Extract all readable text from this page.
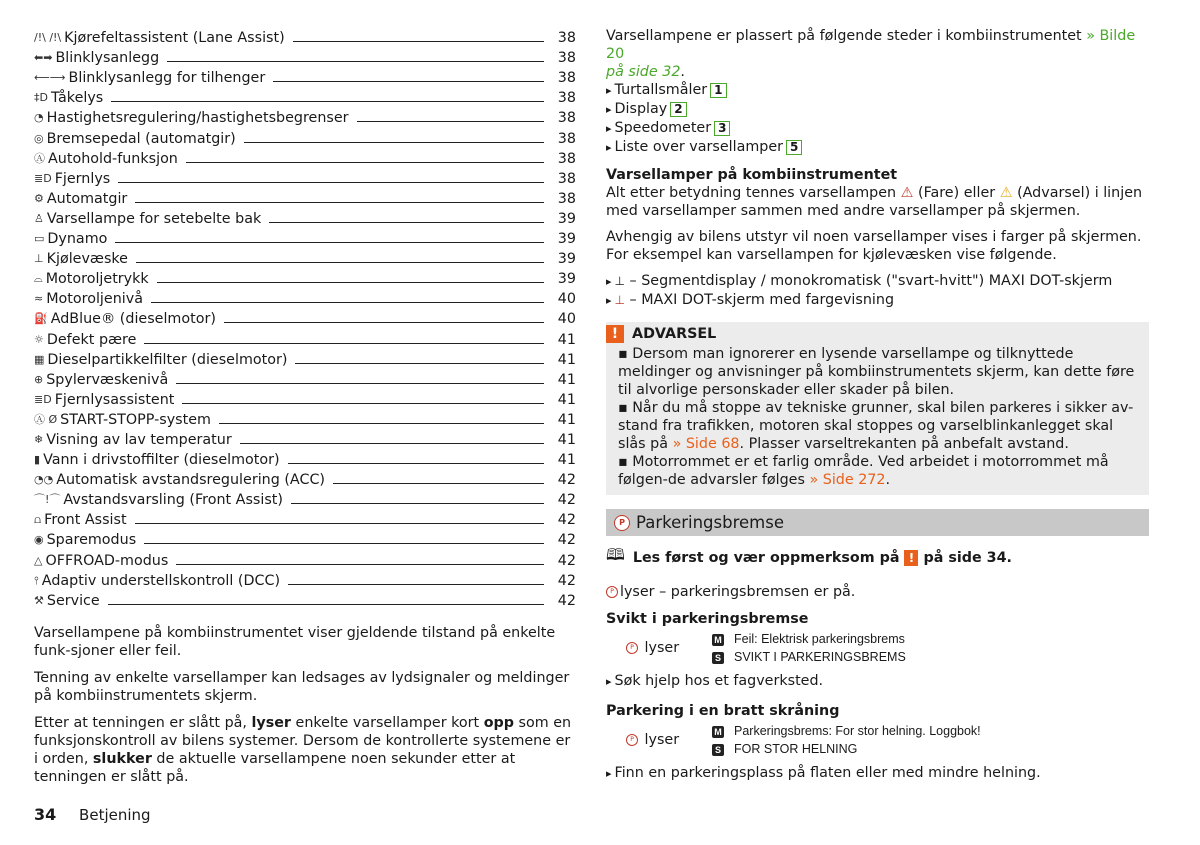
/!\ /!\ Kjørefeltassistent (Lane Assist)	38
⬅➡ Blinklysanlegg	38
⟵⟶ Blinklysanlegg for tilhenger	38
‡D Tåkelys	38
◔ Hastighetsregulering/hastighetsbegrenser	38
◎ Bremsepedal (automatgir)	38
Ⓐ Autohold-funksjon	38
≣D Fjernlys	38
⚙ Automatgir	38
♙ Varsellampe for setebelte bak	39
▭ Dynamo	39
⊥ Kjølevæske	39
⌓ Motoroljetrykk	39
≈ Motoroljenivå	40
⛽ AdBlue® (dieselmotor)	40
☼ Defekt pære	41
▦ Dieselpartikkelfilter (dieselmotor)	41
⊕ Spylervæskenivå	41
≣D Fjernlysassistent	41
Ⓐ Ø START-STOPP-system	41
❄ Visning av lav temperatur	41
▮ Vann i drivstoffilter (dieselmotor)	41
◔◔ Automatisk avstandsregulering (ACC)	42
⌒!⌒ Avstandsvarsling (Front Assist)	42
⩍ Front Assist	42
◉ Sparemodus	42
△ OFFROAD-modus	42
⫯ Adaptiv understellskontroll (DCC)	42
⚒ Service	42

Varsellampene på kombiinstrumentet viser gjeldende tilstand på enkelte funk-sjoner eller feil.

Tenning av enkelte varsellamper kan ledsages av lydsignaler og meldinger på kombiinstrumentets skjerm.

Etter at tenningen er slått på, lyser enkelte varsellamper kort opp som en funksjonskontroll av bilens systemer. Dersom de kontrollerte systemene er i orden, slukker de aktuelle varsellampene noen sekunder etter at tenningen er slått på.

34 Betjening

Varsellampene er plassert på følgende steder i kombiinstrumentet » Bilde 20
på side 32.

▸ Turtallsmåler 1
▸ Display 2
▸ Speedometer 3
▸ Liste over varsellamper 5

Varsellamper på kombiinstrumentet

Alt etter betydning tennes varsellampen ⚠ (Fare) eller ⚠ (Advarsel) i linjen med varsellamper sammen med andre varsellamper på skjermen.

Avhengig av bilens utstyr vil noen varsellamper vises i farger på skjermen. For eksempel kan varsellampen for kjølevæsken vise følgende.

▸ ⊥ – Segmentdisplay / monokromatisk ("svart-hvitt") MAXI DOT-skjerm
▸ ⊥ – MAXI DOT-skjerm med fargevisning
! ADVARSEL
▪ Dersom man ignorerer en lysende varsellampe og tilknyttede meldinger og anvisninger på kombiinstrumentets skjerm, kan dette føre til alvorlige personskader eller skader på bilen.
▪ Når du må stoppe av tekniske grunner, skal bilen parkeres i sikker av-stand fra trafikken, motoren skal stoppes og varselblinkanlegget skal slås på » Side 68. Plasser varseltrekanten på anbefalt avstand.
▪ Motorrommet er et farlig område. Ved arbeidet i motorrommet må følgen-de advarsler følges » Side 272.
P Parkeringsbremse
🕮 Les først og vær oppmerksom på ! på side 34.

P lyser – parkeringsbremsen er på.

Svikt i parkeringsbremse

P lyser
M Feil: Elektrisk parkeringsbrems
S SVIKT I PARKERINGSBREMS
▸ Søk hjelp hos et fagverksted.

Parkering i en bratt skråning

P lyser
M Parkeringsbrems: For stor helning. Loggbok!
S FOR STOR HELNING
▸ Finn en parkeringsplass på flaten eller med mindre helning.
